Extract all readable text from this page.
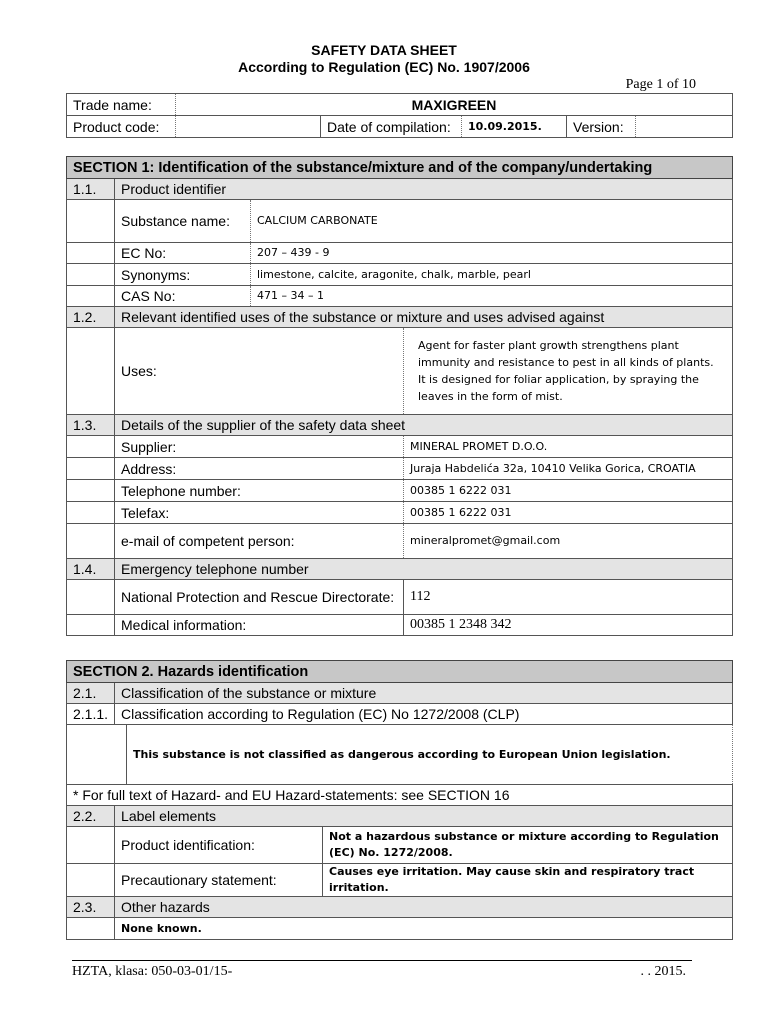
SAFETY DATA SHEET
According to Regulation (EC) No. 1907/2006
Page 1 of 10
Trade name:	MAXIGREEN				
Product code:		Date of compilation:	10.09.2015.	Version:	
SECTION 1: Identification of the substance/mixture and of the company/undertaking			
1.1.	Product identifier		
	Substance name:	CALCIUM CARBONATE	
	EC No:	207 – 439 - 9	
	Synonyms:	limestone, calcite, aragonite, chalk, marble, pearl	
	CAS No:	471 – 34 – 1	
1.2.	Relevant identified uses of the substance or mixture and uses advised against		
	Uses:		Agent for faster plant growth strengthens plant immunity and resistance to pest in all kinds of plants.
It is designed for foliar application, by spraying the leaves in the form of mist.

1.3.	Details of the supplier of the safety data sheet		
	Supplier:		MINERAL PROMET D.O.O.
	Address:		Juraja Habdelića 32a, 10410 Velika Gorica, CROATIA
	Telephone number:		00385 1 6222 031
	Telefax:		00385 1 6222 031
	e-mail of competent person:		mineralpromet@gmail.com
1.4.	Emergency telephone number		
	National Protection and Rescue Directorate:		112
	Medical information:		00385 1 2348 342
SECTION 2. Hazards identification			
2.1.	Classification of the substance or mixture		
2.1.1.	Classification according to Regulation (EC) No 1272/2008 (CLP)		
		This substance is not classified as dangerous according to European Union legislation.	
* For full text of Hazard- and EU Hazard-statements: see SECTION 16			
2.2.	Label elements		
	Product identification:		Not a hazardous substance or mixture according to Regulation (EC) No. 1272/2008.
	Precautionary statement:		Causes eye irritation. May cause skin and respiratory tract irritation.
2.3.	Other hazards		
	None known.		
HZTA, klasa: 050-03-01/15-	. . 2015.
